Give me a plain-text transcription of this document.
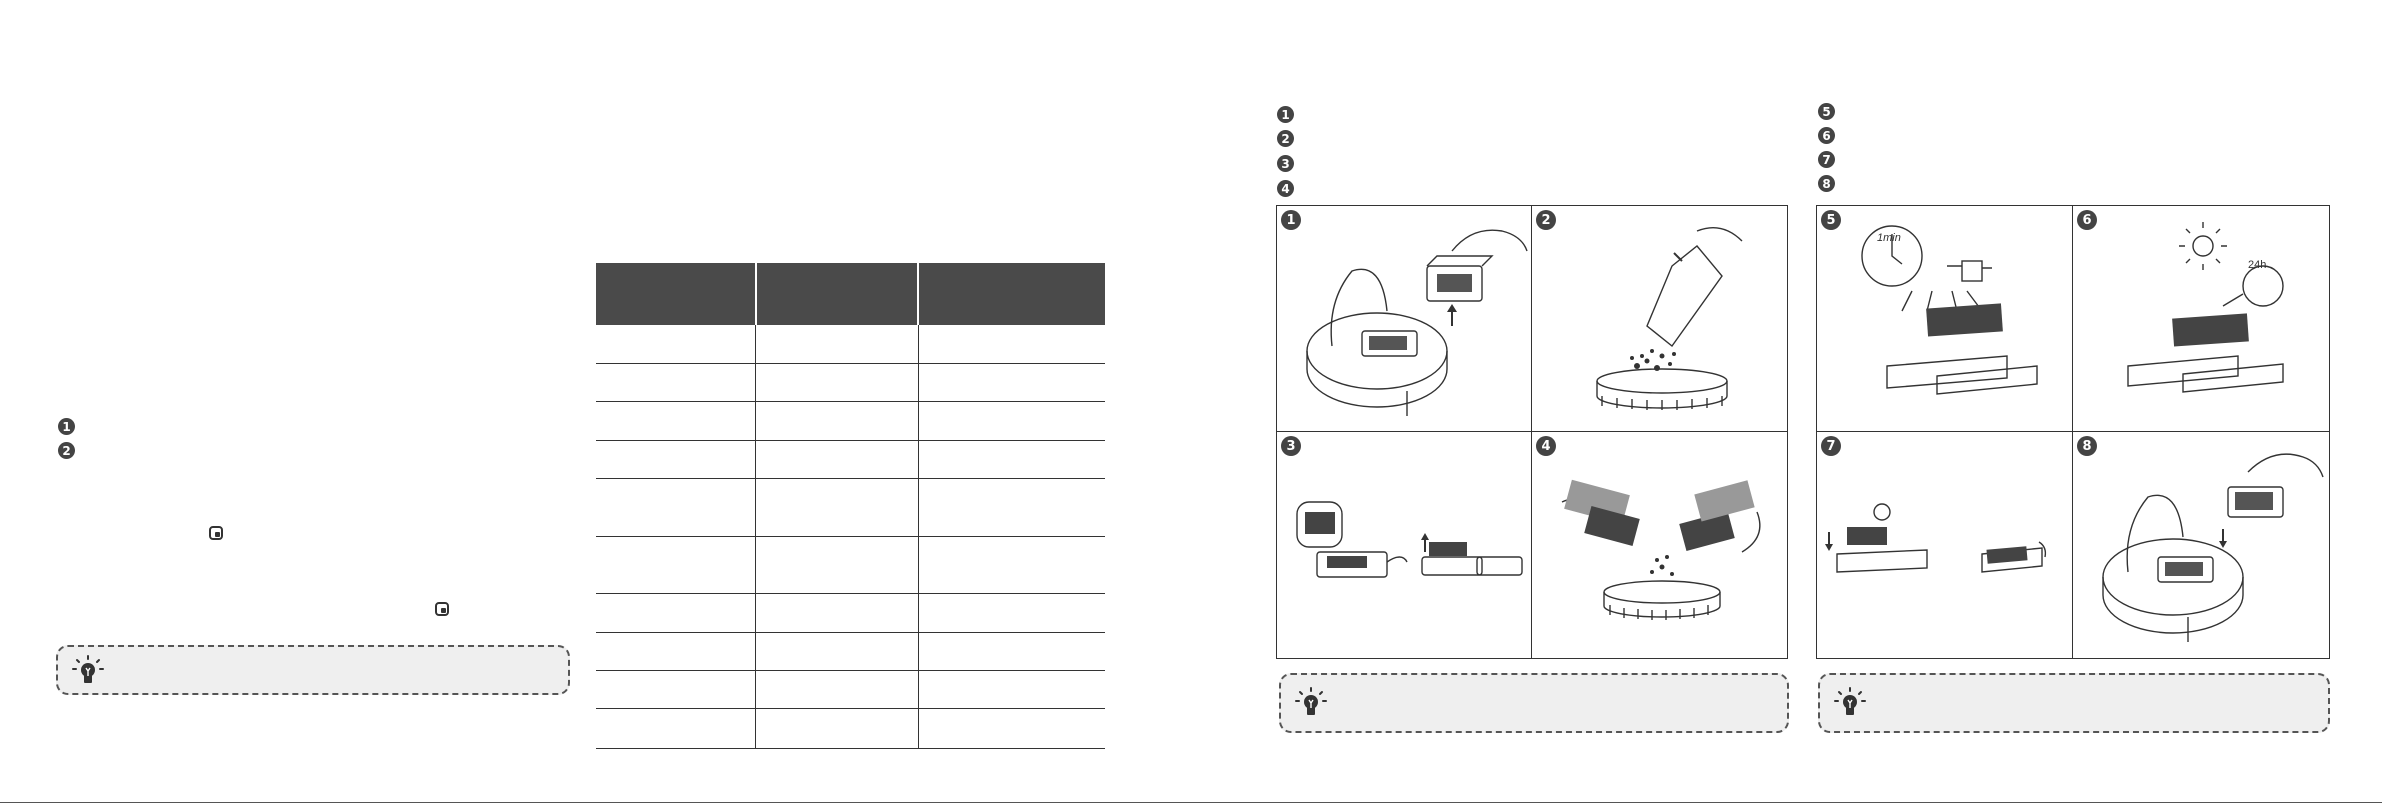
1
2

1
2
3
4
5
6
7
8
1	2
3	4
5
1min
6
24h
7	8
